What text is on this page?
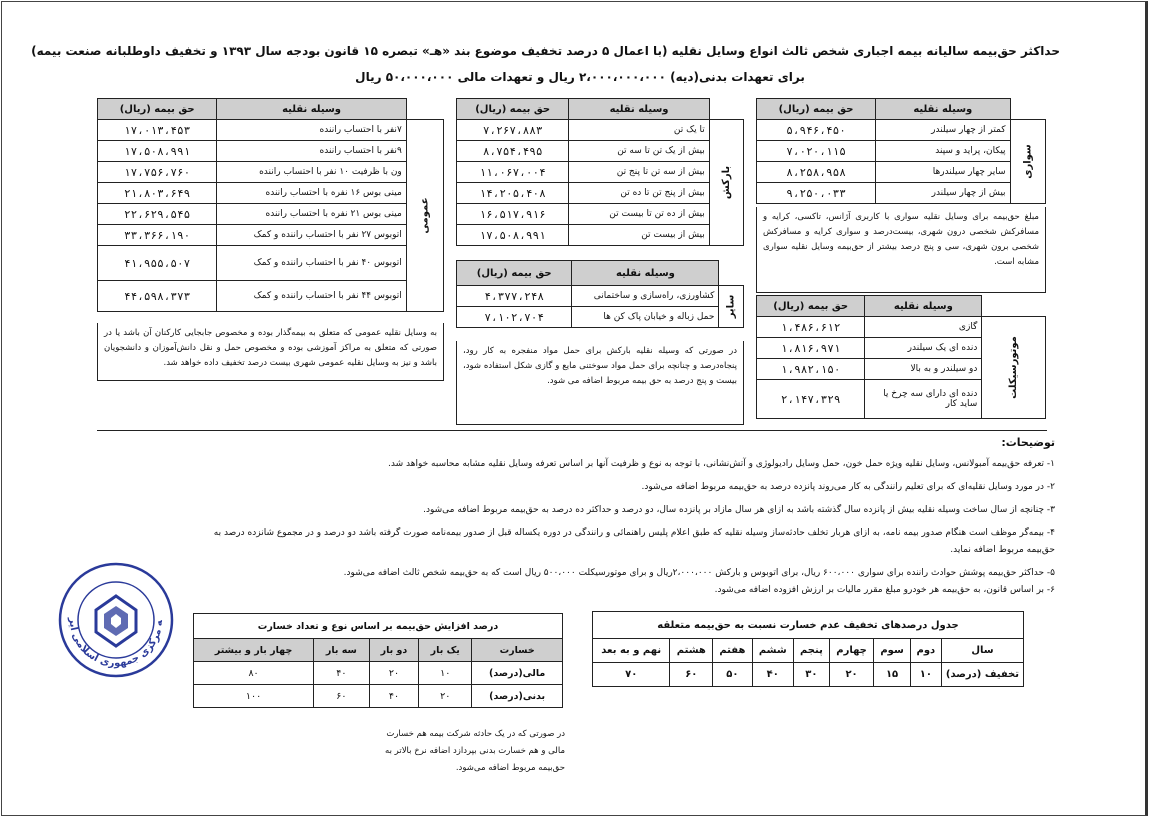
حداکثر حق‌بیمه سالیانه بیمه اجباری شخص ثالث انواع وسایل نقلیه (با اعمال ۵ درصد تخفیف موضوع بند «هـ» تبصره ۱۵ قانون بودجه سال ۱۳۹۳ و تخفیف داوطلبانه صنعت بیمه)
برای تعهدات بدنی(دیه) ۲،۰۰۰،۰۰۰،۰۰۰ ریال و تعهدات مالی ۵۰،۰۰۰،۰۰۰ ریال
	وسیله نقلیه	حق بیمه (ریال)
سواری	کمتر از چهار سیلندر	۵،۹۴۶،۴۵۰
	پیکان، پراید و سپند	۷،۰۲۰،۱۱۵
	سایر چهار سیلندرها	۸،۲۵۸،۹۵۸
	بیش از چهار سیلندر	۹،۲۵۰،۰۳۳
مبلغ حق‌بیمه برای وسایل نقلیه سواری با کاربری آژانس، تاکسی، کرایه و مسافرکش شخصی درون شهری، بیست‌درصد و سواری کرایه و مسافرکش شخصی برون شهری، سی و پنج درصد بیشتر از حق‌بیمه وسایل نقلیه سواری مشابه است.
	وسیله نقلیه	حق بیمه (ریال)
موتورسیکلت	گازی	۱،۴۸۶،۶۱۲
	دنده ای یک سیلندر	۱،۸۱۶،۹۷۱
	دو سیلندر و به بالا	۱،۹۸۲،۱۵۰
	دنده ای دارای سه چرخ یا ساید کار	۲،۱۴۷،۳۲۹
	وسیله نقلیه	حق بیمه (ریال)
بارکش	تا یک تن	۷،۲۶۷،۸۸۳
	بیش از یک تن تا سه تن	۸،۷۵۴،۴۹۵
	بیش از سه تن تا پنج تن	۱۱،۰۶۷،۰۰۴
	بیش از پنج تن تا ده تن	۱۴،۲۰۵،۴۰۸
	بیش از ده تن تا بیست تن	۱۶،۵۱۷،۹۱۶
	بیش از بیست تن	۱۷،۵۰۸،۹۹۱
	وسیله نقلیه	حق بیمه (ریال)
سایر	کشاورزی، راه‌سازی و ساختمانی	۴،۳۷۷،۲۴۸
	حمل زباله و خیابان پاک کن ها	۷،۱۰۲،۷۰۴
در صورتی که وسیله نقلیه بارکش برای حمل مواد منفجره به کار رود، پنجاه‌درصد و چنانچه برای حمل مواد سوختنی مایع و گازی شکل استفاده شود، بیست و پنج درصد به حق بیمه مربوط اضافه می شود.
	وسیله نقلیه	حق بیمه (ریال)
عمومی	۷نفر با احتساب راننده	۱۷،۰۱۳،۴۵۳
	۹نفر با احتساب راننده	۱۷،۵۰۸،۹۹۱
	ون با ظرفیت ۱۰ نفر با احتساب راننده	۱۷،۷۵۶،۷۶۰
	مینی بوس ۱۶ نفره با احتساب راننده	۲۱،۸۰۳،۶۴۹
	مینی بوس ۲۱ نفره با احتساب راننده	۲۲،۶۲۹،۵۴۵
	اتوبوس ۲۷ نفر با احتساب راننده و کمک	۳۳،۳۶۶،۱۹۰
	اتوبوس ۴۰ نفر با احتساب راننده و کمک	۴۱،۹۵۵،۵۰۷
	اتوبوس ۴۴ نفر با احتساب راننده و کمک	۴۴،۵۹۸،۳۷۳
به وسایل نقلیه عمومی که متعلق به بیمه‌گذار بوده و مخصوص جابجایی کارکنان آن باشد یا در صورتی که متعلق به مراکز آموزشی بوده و مخصوص حمل و نقل دانش‌آموزان و دانشجویان باشد و نیز به وسایل نقلیه عمومی شهری بیست درصد تخفیف داده خواهد شد.
توضیحات:
۱- تعرفه حق‌بیمه آمبولانس، وسایل نقلیه ویژه حمل خون، حمل وسایل رادیولوژی و آتش‌نشانی، با توجه به نوع و ظرفیت آنها بر اساس تعرفه وسایل نقلیه مشابه محاسبه خواهد شد.
۲- در مورد وسایل نقلیه‌ای که برای تعلیم رانندگی به کار می‌روند پانزده درصد به حق‌بیمه مربوط اضافه می‌شود.
۳- چنانچه از سال ساخت وسیله نقلیه بیش از پانزده سال گذشته باشد به ازای هر سال مازاد بر پانزده سال، دو درصد و حداکثر ده درصد به حق‌بیمه مربوط اضافه می‌شود.
۴- بیمه‌گر موظف است هنگام صدور بیمه نامه، به ازای هربار تخلف حادثه‌ساز وسیله نقلیه که طبق اعلام پلیس راهنمائی و رانندگی در دوره یکساله قبل از صدور بیمه‌نامه صورت گرفته باشد دو درصد و در مجموع شانزده درصد به حق‌بیمه مربوط اضافه نماید.
۵- حداکثر حق‌بیمه پوشش حوادث راننده برای سواری ۶۰۰،۰۰۰ ریال، برای اتوبوس و بارکش ۲،۰۰۰،۰۰۰ریال و برای موتورسیکلت ۵۰۰،۰۰۰ ریال است که به حق‌بیمه شخص ثالث اضافه می‌شود.
۶- بر اساس قانون، به حق‌بیمه هر خودرو مبلغ مقرر مالیات بر ارزش افزوده اضافه می‌شود.
جدول درصدهای تخفیف عدم خسارت نسبت به حق‌بیمه متعلقه								
سال	دوم	سوم	چهارم	پنجم	ششم	هفتم	هشتم	نهم و به بعد
تخفیف (درصد)	۱۰	۱۵	۲۰	۳۰	۴۰	۵۰	۶۰	۷۰
درصد افزایش حق‌بیمه بر اساس نوع و تعداد خسارت				
خسارت	یک بار	دو بار	سه بار	چهار بار و بیشتر
مالی(درصد)	۱۰	۲۰	۴۰	۸۰
بدنی(درصد)	۲۰	۴۰	۶۰	۱۰۰
در صورتی که در یک حادثه شرکت بیمه هم خسارت مالی و هم خسارت بدنی بپردازد اضافه نرخ بالاتر به حق‌بیمه مربوط اضافه می‌شود.
ه مرکزی جمهوری اسلامی ایر
